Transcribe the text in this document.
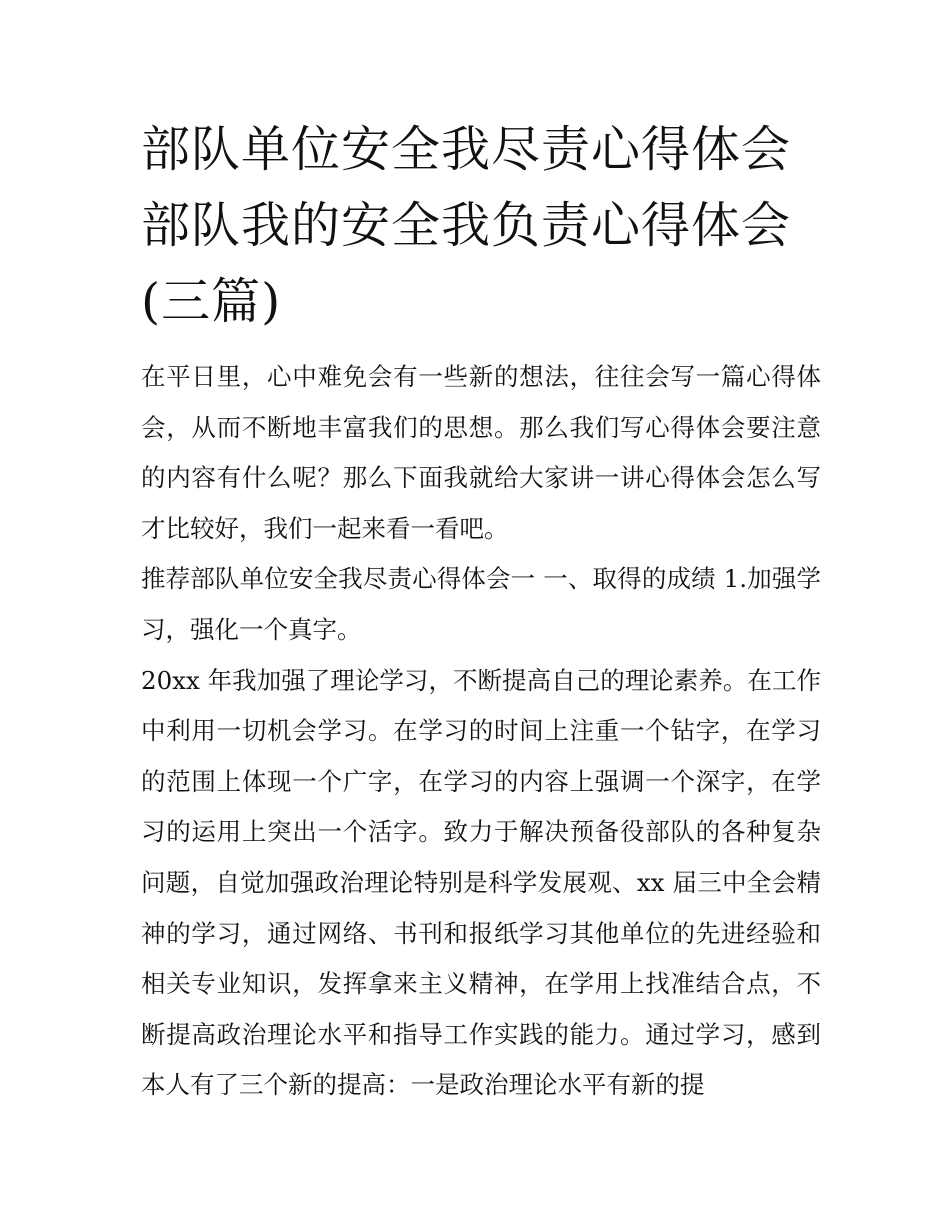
部队单位安全我尽责心得体会
部队我的安全我负责心得体会
(三篇)

在平日里，心中难免会有一些新的想法，往往会写一篇心得体会，从而不断地丰富我们的思想。那么我们写心得体会要注意的内容有什么呢？那么下面我就给大家讲一讲心得体会怎么写才比较好，我们一起来看一看吧。

推荐部队单位安全我尽责心得体会一 一、取得的成绩 1.加强学习，强化一个真字。

20xx 年我加强了理论学习，不断提高自己的理论素养。在工作中利用一切机会学习。在学习的时间上注重一个钻字，在学习的范围上体现一个广字，在学习的内容上强调一个深字，在学习的运用上突出一个活字。致力于解决预备役部队的各种复杂问题，自觉加强政治理论特别是科学发展观、xx 届三中全会精神的学习，通过网络、书刊和报纸学习其他单位的先进经验和相关专业知识，发挥拿来主义精神，在学用上找准结合点，不断提高政治理论水平和指导工作实践的能力。通过学习，感到本人有了三个新的提高：一是政治理论水平有新的提
